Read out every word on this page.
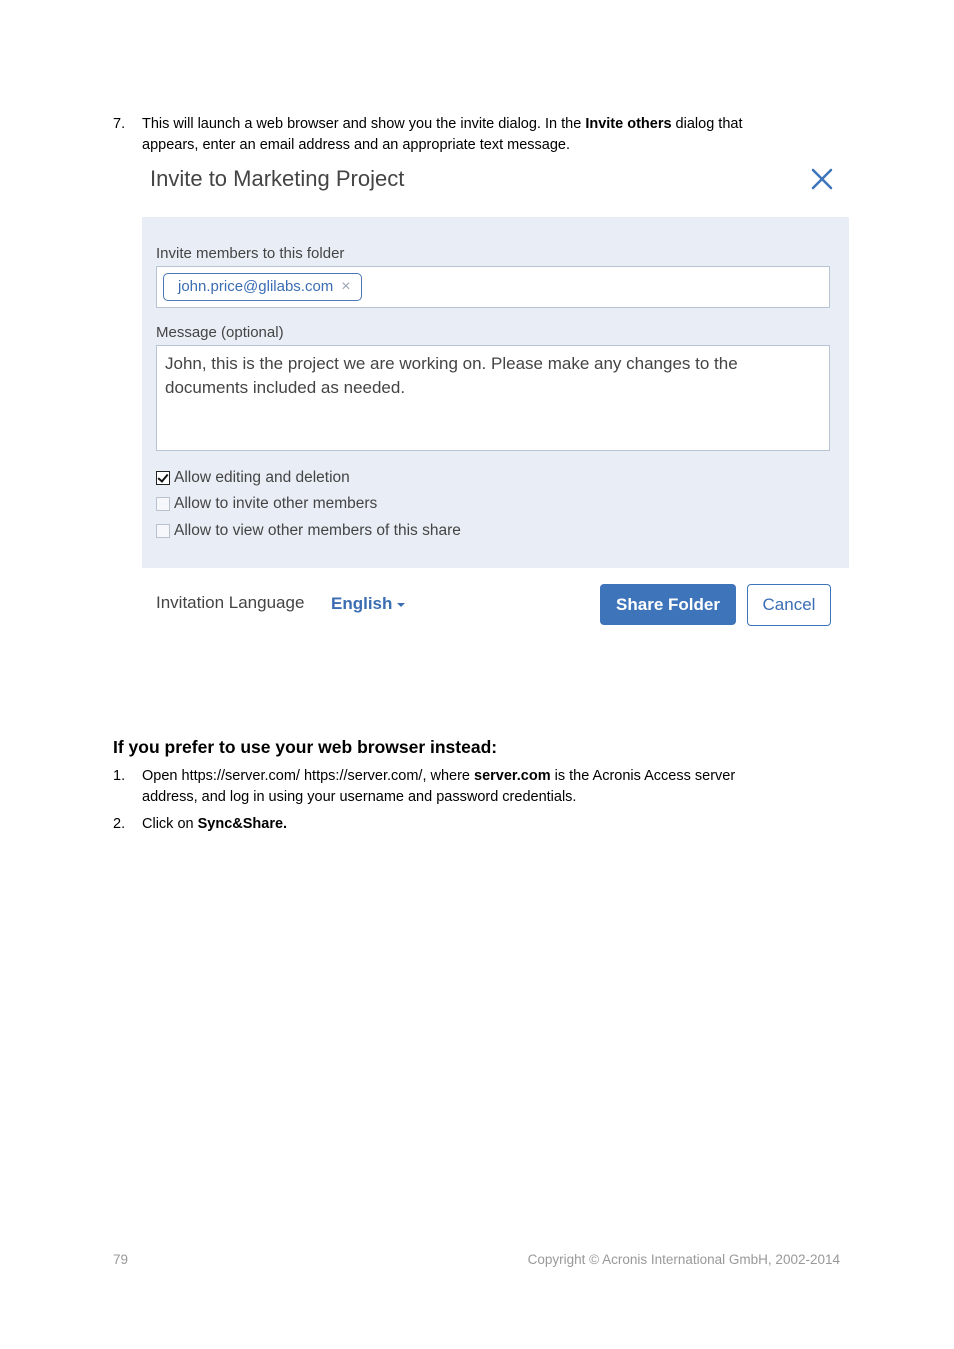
7. This will launch a web browser and show you the invite dialog. In the Invite others dialog that
appears, enter an email address and an appropriate text message.
Invite to Marketing Project
Invite members to this folder
john.price@glilabs.com ×
Message (optional)
John, this is the project we are working on. Please make any changes to the documents included as needed.
Allow editing and deletion
Allow to invite other members
Allow to view other members of this share
Invitation Language English	Share Folder	Cancel
If you prefer to use your web browser instead:
1. Open https://server.com/ https://server.com/, where server.com is the Acronis Access server
address, and log in using your username and password credentials.
2. Click on Sync&Share.
79	Copyright © Acronis International GmbH, 2002-2014
